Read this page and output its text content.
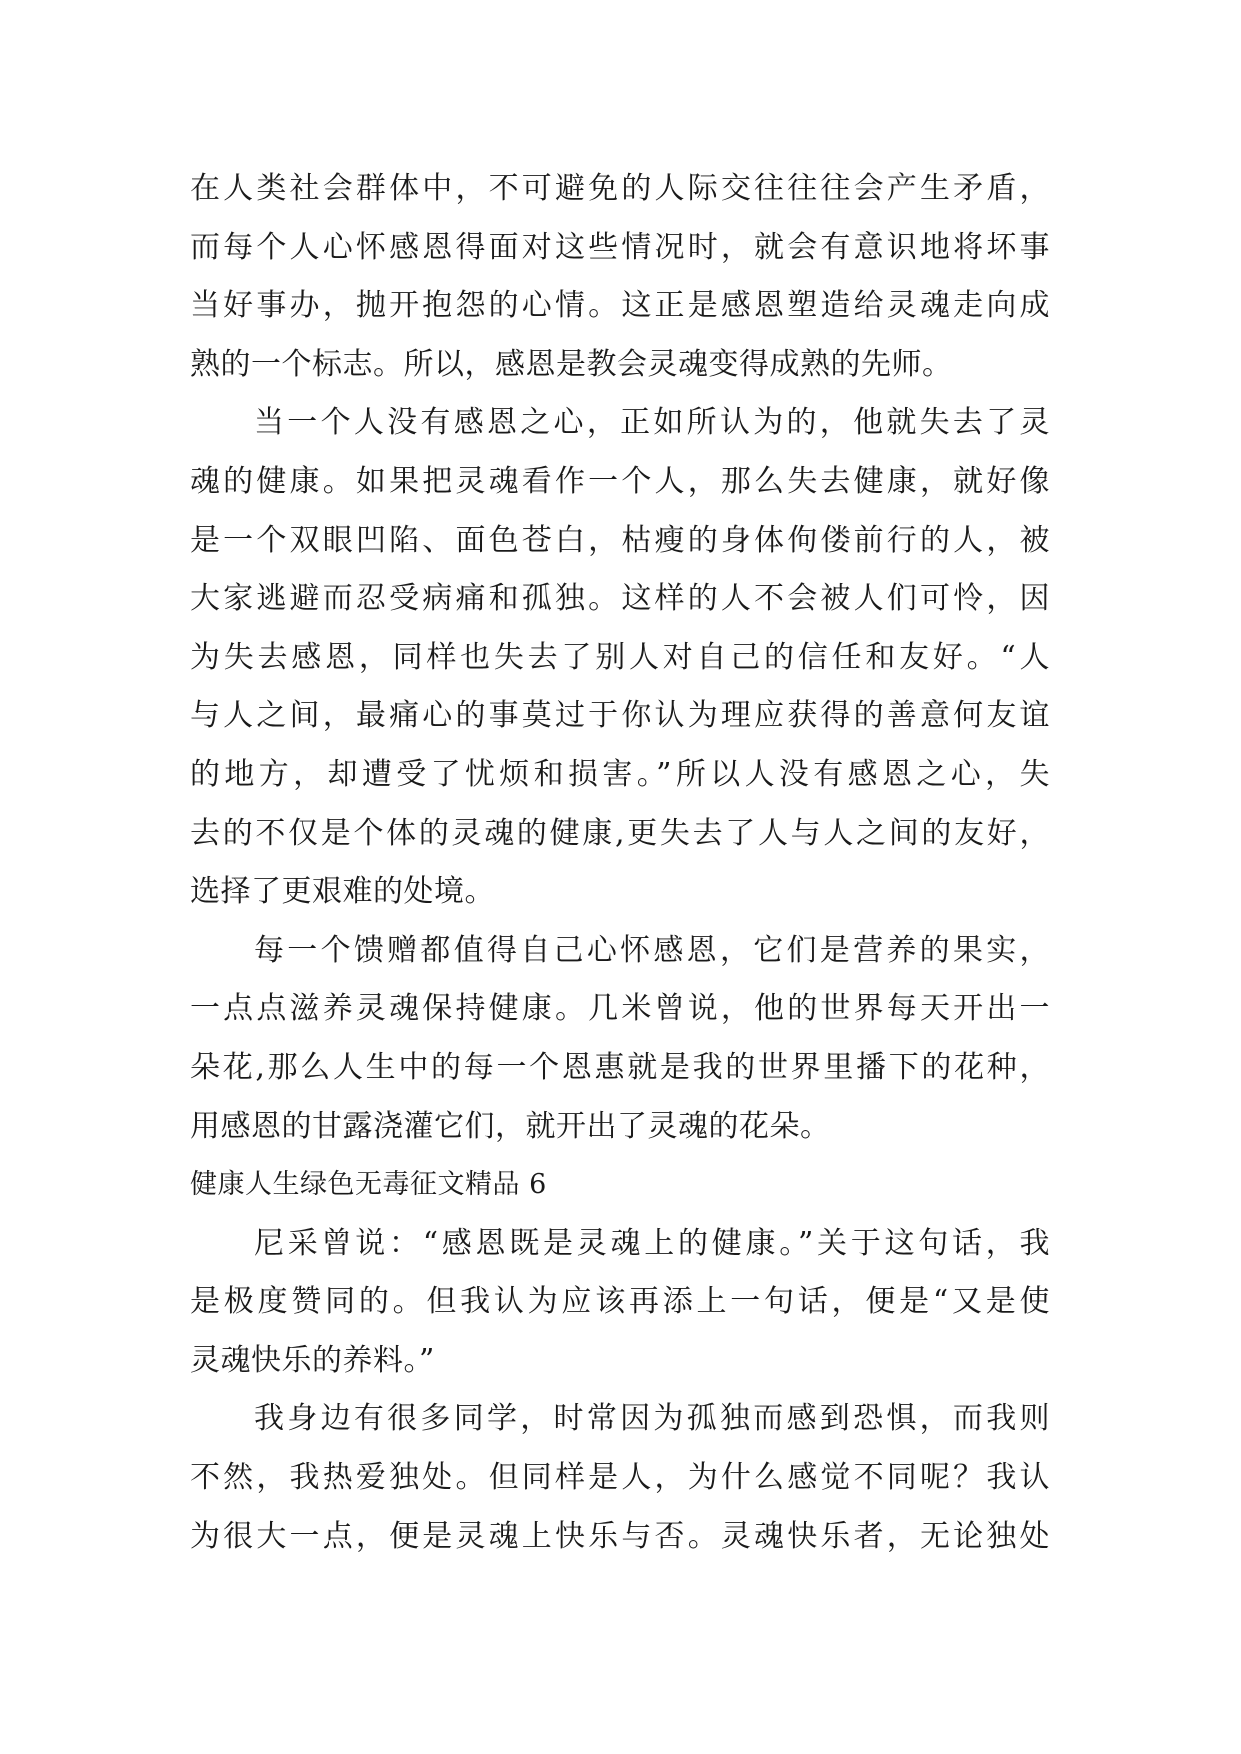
在人类社会群体中，不可避免的人际交往往往会产生矛盾，
而每个人心怀感恩得面对这些情况时，就会有意识地将坏事
当好事办，抛开抱怨的心情。这正是感恩塑造给灵魂走向成
熟的一个标志。所以，感恩是教会灵魂变得成熟的先师。

当一个人没有感恩之心，正如所认为的，他就失去了灵
魂的健康。如果把灵魂看作一个人，那么失去健康，就好像
是一个双眼凹陷、面色苍白，枯瘦的身体佝偻前行的人，被
大家逃避而忍受病痛和孤独。这样的人不会被人们可怜，因
为失去感恩，同样也失去了别人对自己的信任和友好。“人
与人之间，最痛心的事莫过于你认为理应获得的善意何友谊
的地方，却遭受了忧烦和损害。”所以人没有感恩之心，失
去的不仅是个体的灵魂的健康,更失去了人与人之间的友好，
选择了更艰难的处境。

每一个馈赠都值得自己心怀感恩，它们是营养的果实，
一点点滋养灵魂保持健康。几米曾说，他的世界每天开出一
朵花,那么人生中的每一个恩惠就是我的世界里播下的花种，
用感恩的甘露浇灌它们，就开出了灵魂的花朵。

健康人生绿色无毒征文精品 6

尼采曾说：“感恩既是灵魂上的健康。”关于这句话，我
是极度赞同的。但我认为应该再添上一句话，便是“又是使
灵魂快乐的养料。”

我身边有很多同学，时常因为孤独而感到恐惧，而我则
不然，我热爱独处。但同样是人，为什么感觉不同呢？我认
为很大一点，便是灵魂上快乐与否。灵魂快乐者，无论独处
